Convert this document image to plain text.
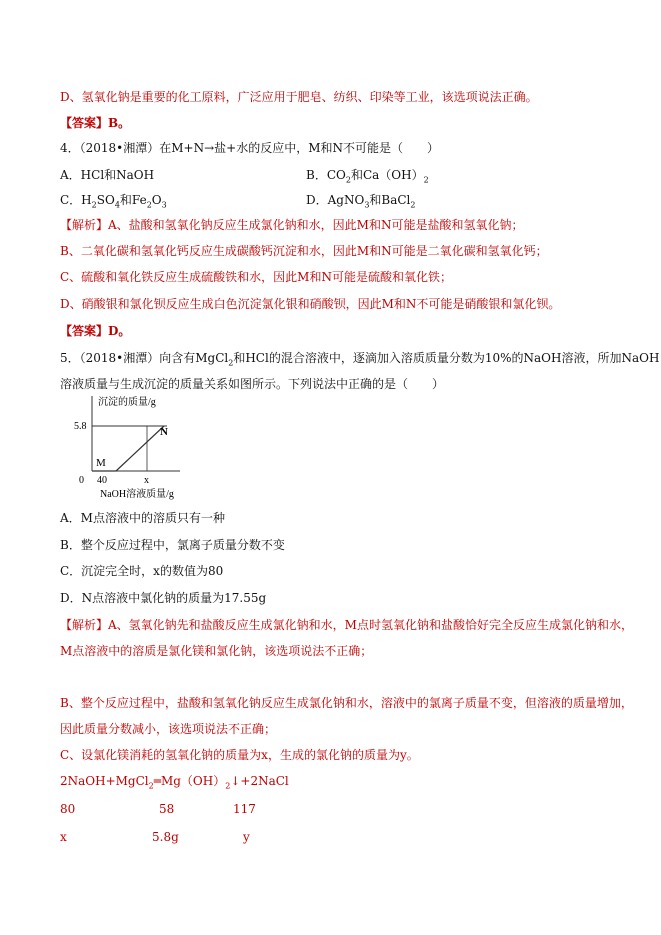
D、氢氧化钠是重要的化工原料，广泛应用于肥皂、纺织、印染等工业，该选项说法正确。
【答案】B。
4．（2018•湘潭）在M+N→盐+水的反应中，M和N不可能是（　　）
A．HCl和NaOH	B．$CO_2$和$Ca(OH)_2$
C．$H_2SO_4$和$Fe_2O_3$	D．AgNO$_3$和BaCl$_2$
【解析】A、盐酸和氢氧化钠反应生成氯化钠和水，因此M和N可能是盐酸和氢氧化钠；
B、二氧化碳和氢氧化钙反应生成碳酸钙沉淀和水，因此M和N可能是二氧化碳和氢氧化钙；
C、硫酸和氧化铁反应生成硫酸铁和水，因此M和N可能是硫酸和氧化铁；
D、硝酸银和氯化钡反应生成白色沉淀氯化银和硝酸钡，因此M和N不可能是硝酸银和氯化钡。
【答案】D。
5．（2018•湘潭）向含有MgCl$_2$和HCl的混合溶液中，逐滴加入溶质质量分数为10%的NaOH溶液，所加NaOH
溶液质量与生成沉淀的质量关系如图所示。下列说法中正确的是（　　）
沉淀的质量/g
5.8	N
M
0 40	x
NaOH溶液质量/g
A．M点溶液中的溶质只有一种
B．整个反应过程中，氯离子质量分数不变
C．沉淀完全时，x的数值为80
D．N点溶液中氯化钠的质量为17.55g
【解析】A、氢氧化钠先和盐酸反应生成氯化钠和水，M点时氢氧化钠和盐酸恰好完全反应生成氯化钠和水，
M点溶液中的溶质是氯化镁和氯化钠，该选项说法不正确；
B、整个反应过程中，盐酸和氢氧化钠反应生成氯化钠和水，溶液中的氯离子质量不变，但溶液的质量增加，
因此质量分数减小，该选项说法不正确；
C、设氯化镁消耗的氢氧化钠的质量为x，生成的氯化钠的质量为y。
$2NaOH+MgCl_2═Mg(OH)_2↓+2NaCl$
80	58	117
x	5.8g	y
